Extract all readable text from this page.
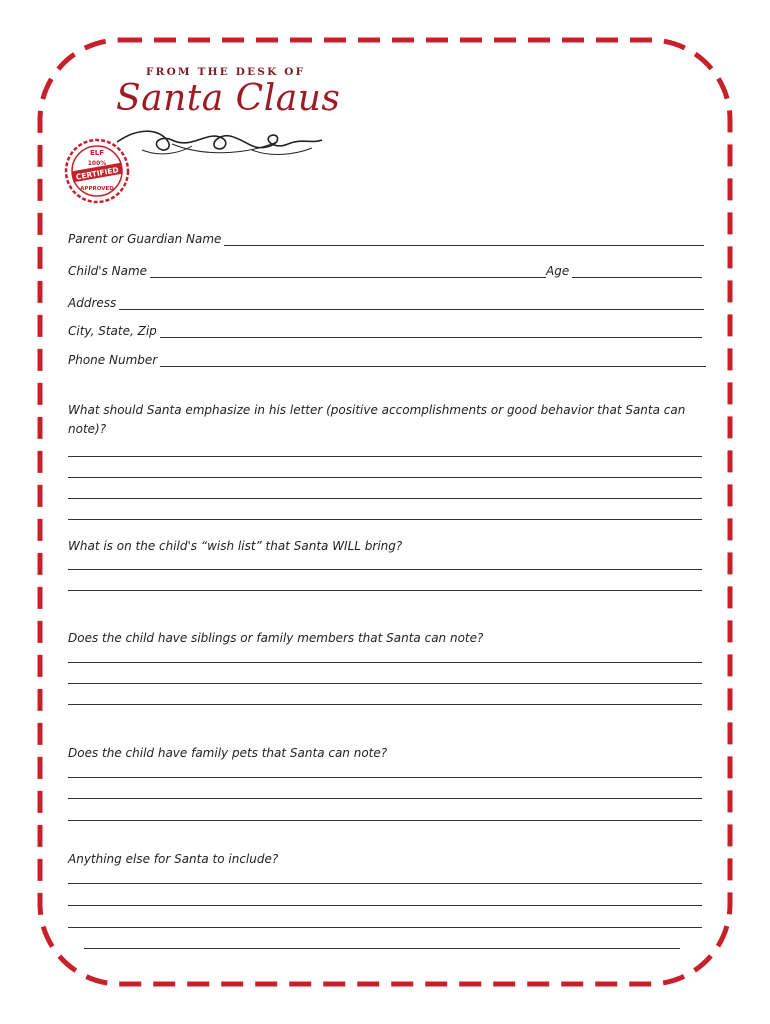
FROM THE DESK OF
Santa Claus
ELF
100%
CERTIFIED
APPROVED
Parent or Guardian Name
Child's Name	Age
Address
City, State, Zip
Phone Number
What should Santa emphasize in his letter (positive accomplishments or good behavior that Santa can note)?
What is on the child's “wish list” that Santa WILL bring?
Does the child have siblings or family members that Santa can note?
Does the child have family pets that Santa can note?
Anything else for Santa to include?
